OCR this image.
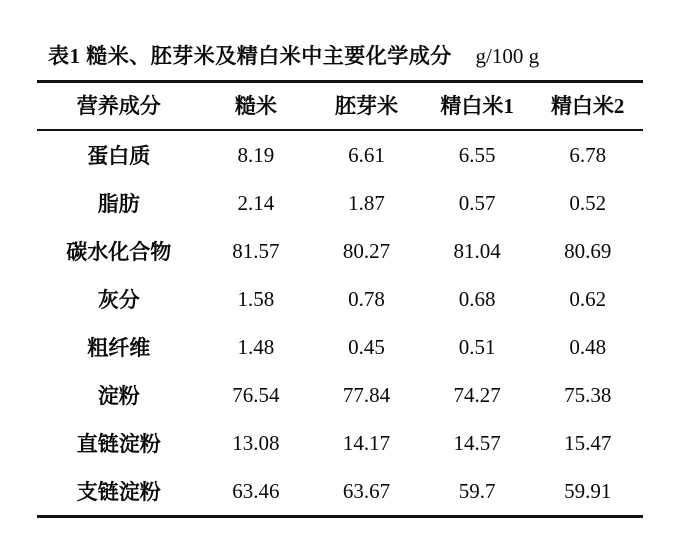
表1 糙米、胚芽米及精白米中主要化学成分 g/100 g
营养成分	糙米	胚芽米	精白米1	精白米2
蛋白质	8.19	6.61	6.55	6.78
脂肪	2.14	1.87	0.57	0.52
碳水化合物	81.57	80.27	81.04	80.69
灰分	1.58	0.78	0.68	0.62
粗纤维	1.48	0.45	0.51	0.48
淀粉	76.54	77.84	74.27	75.38
直链淀粉	13.08	14.17	14.57	15.47
支链淀粉	63.46	63.67	59.7	59.91
